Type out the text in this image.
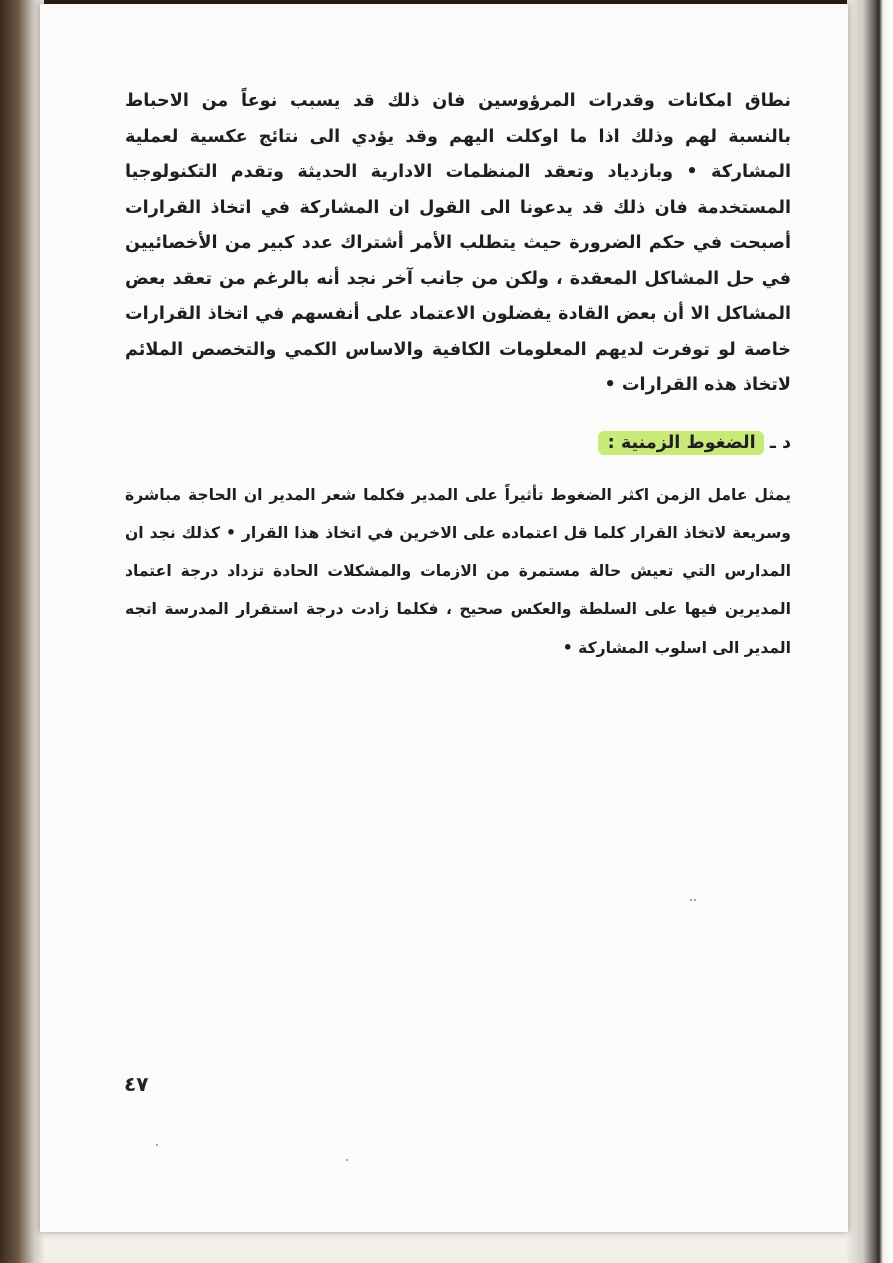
نطاق امكانات وقدرات المرؤوسين فان ذلك قد يسبب نوعاً من الاحباط بالنسبة لهم وذلك اذا ما اوكلت اليهم وقد يؤدي الى نتائج عكسية لعملية المشاركة • وبازدياد وتعقد المنظمات الادارية الحديثة وتقدم التكنولوجيا المستخدمة فان ذلك قد يدعونا الى القول ان المشاركة في اتخاذ القرارات أصبحت في حكم الضرورة حيث يتطلب الأمر أشتراك عدد كبير من الأخصائيين في حل المشاكل المعقدة ، ولكن من جانب آخر نجد أنه بالرغم من تعقد بعض المشاكل الا أن بعض القادة يفضلون الاعتماد على أنفسهم في اتخاذ القرارات خاصة لو توفرت لديهم المعلومات الكافية والاساس الكمي والتخصص الملائم لاتخاذ هذه القرارات •

د ـ الضغوط الزمنية :

يمثل عامل الزمن اكثر الضغوط تأثيراً على المدير فكلما شعر المدير ان الحاجة مباشرة وسريعة لاتخاذ القرار كلما قل اعتماده على الاخرين في اتخاذ هذا القرار • كذلك نجد ان المدارس التي تعيش حالة مستمرة من الازمات والمشكلات الحادة تزداد درجة اعتماد المديرين فيها على السلطة والعكس صحيح ، فكلما زادت درجة استقرار المدرسة اتجه المدير الى اسلوب المشاركة •

٤٧
